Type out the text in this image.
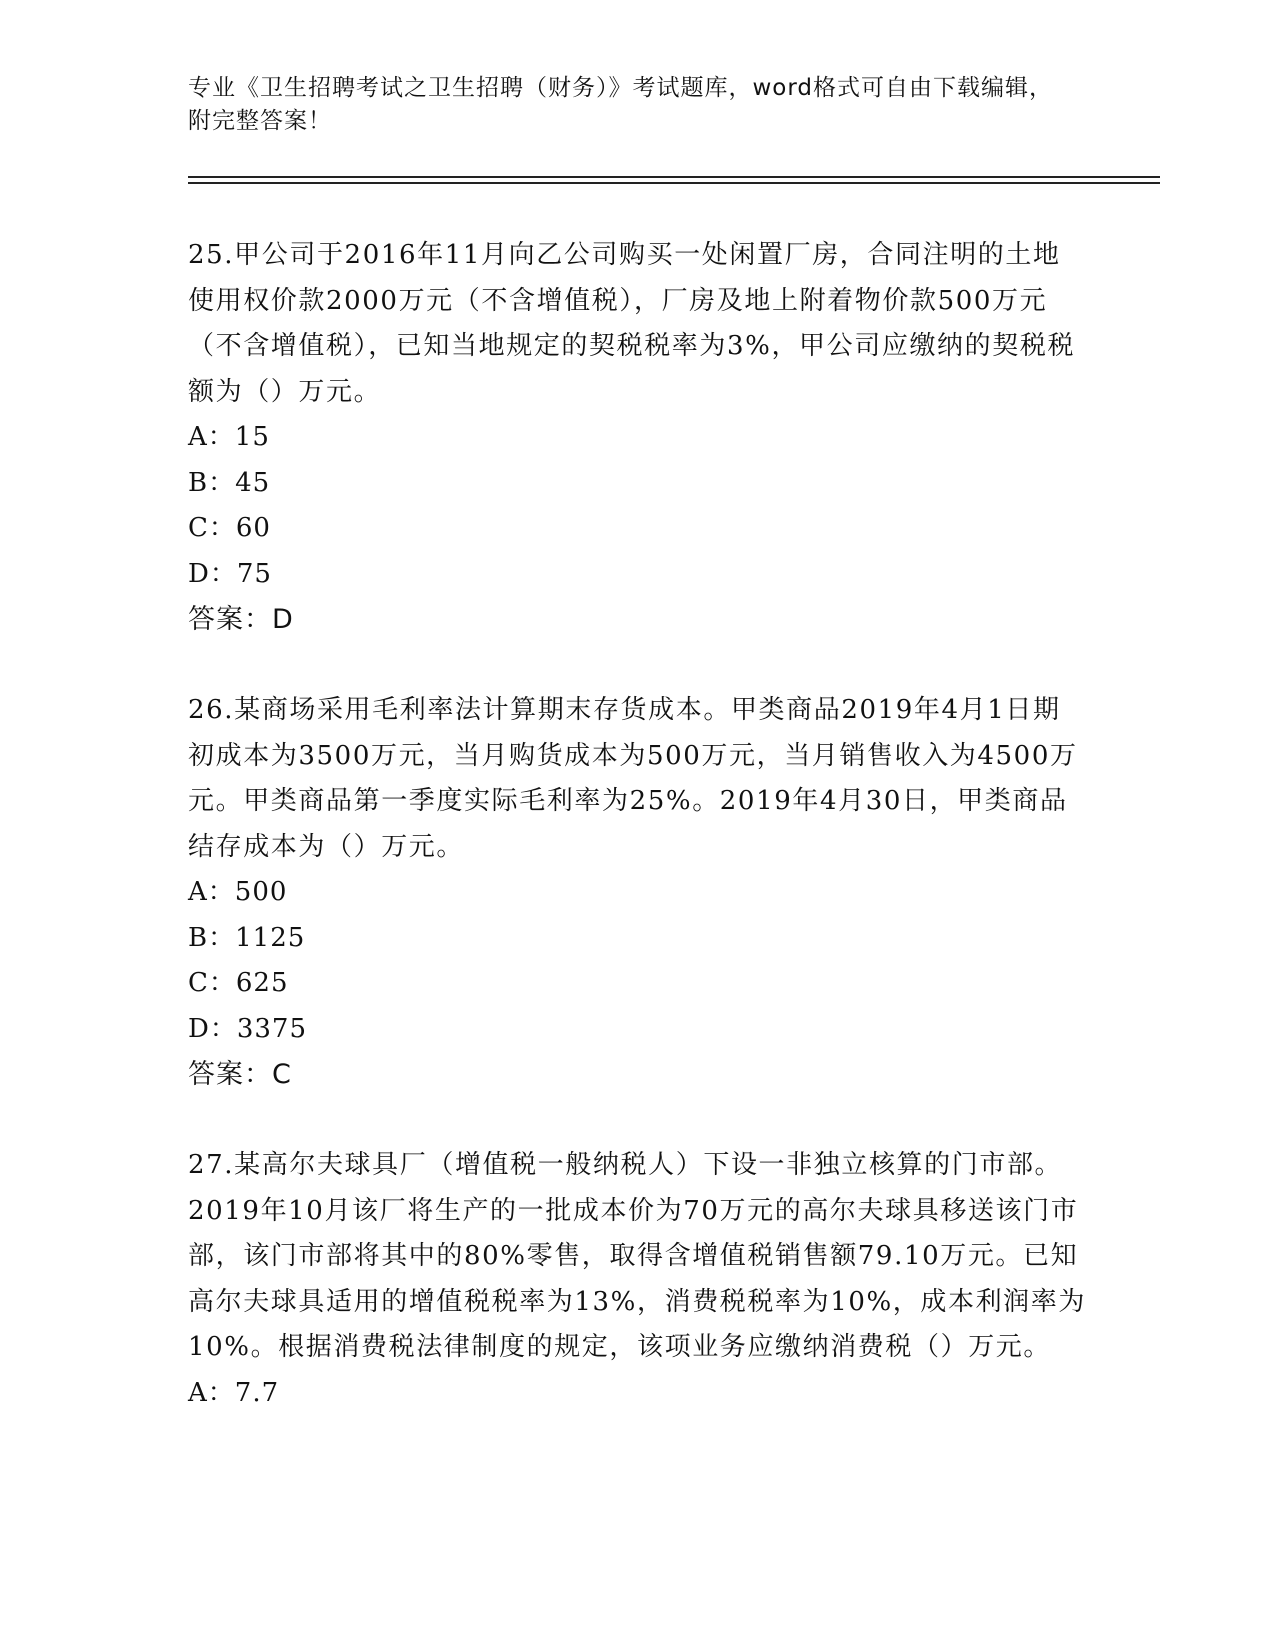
专业《卫生招聘考试之卫生招聘（财务）》考试题库，word格式可自由下载编辑，附完整答案！

25.甲公司于2016年11月向乙公司购买一处闲置厂房，合同注明的土地使用权价款2000万元（不含增值税），厂房及地上附着物价款500万元（不含增值税），已知当地规定的契税税率为3%，甲公司应缴纳的契税税额为（）万元。

A：15

B：45

C：60

D：75

答案：D

26.某商场采用毛利率法计算期末存货成本。甲类商品2019年4月1日期初成本为3500万元，当月购货成本为500万元，当月销售收入为4500万元。甲类商品第一季度实际毛利率为25%。2019年4月30日，甲类商品结存成本为（）万元。

A：500

B：1125

C：625

D：3375

答案：C

27.某高尔夫球具厂（增值税一般纳税人）下设一非独立核算的门市部。2019年10月该厂将生产的一批成本价为70万元的高尔夫球具移送该门市部，该门市部将其中的80%零售，取得含增值税销售额79.10万元。已知高尔夫球具适用的增值税税率为13%，消费税税率为10%，成本利润率为10%。根据消费税法律制度的规定，该项业务应缴纳消费税（）万元。

A：7.7
